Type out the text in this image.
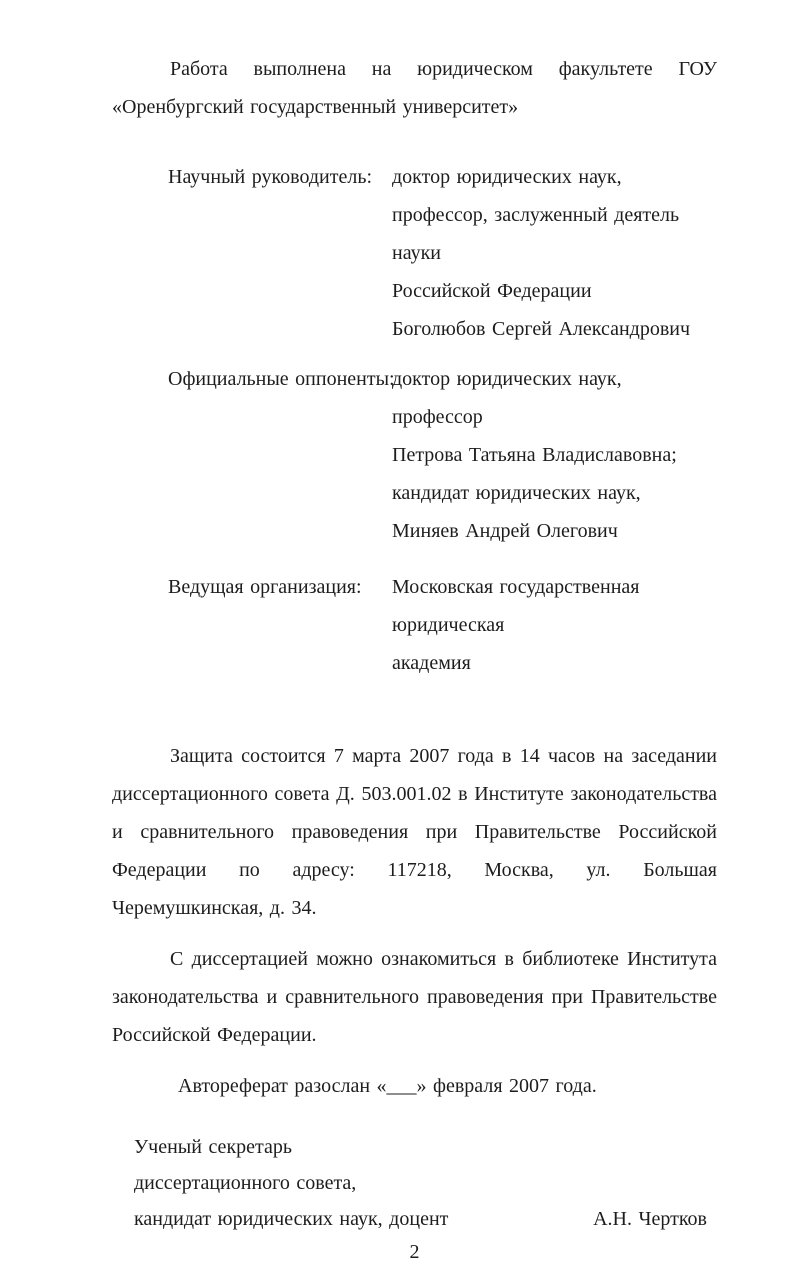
Работа выполнена на юридическом факультете ГОУ «Оренбургский государственный университет»

Научный руководитель: доктор юридических наук,
профессор, заслуженный деятель науки
Российской Федерации
Боголюбов Сергей Александрович
Официальные оппоненты:
доктор юридических наук, профессор
Петрова Татьяна Владиславовна;
кандидат юридических наук,
Миняев Андрей Олегович
Ведущая организация:	Московская государственная юридическая
академия

Защита состоится 7 марта 2007 года в 14 часов на заседании диссертационного совета Д. 503.001.02 в Институте законодательства и сравнительного правоведения при Правительстве Российской Федерации по адресу: 117218, Москва, ул. Большая Черемушкинская, д. 34.

С диссертацией можно ознакомиться в библиотеке Института законодательства и сравнительного правоведения при Правительстве Российской Федерации.

Автореферат разослан «___» февраля 2007 года.

Ученый секретарь
диссертационного совета,
кандидат юридических наук, доцент	А.Н. Чертков
2
